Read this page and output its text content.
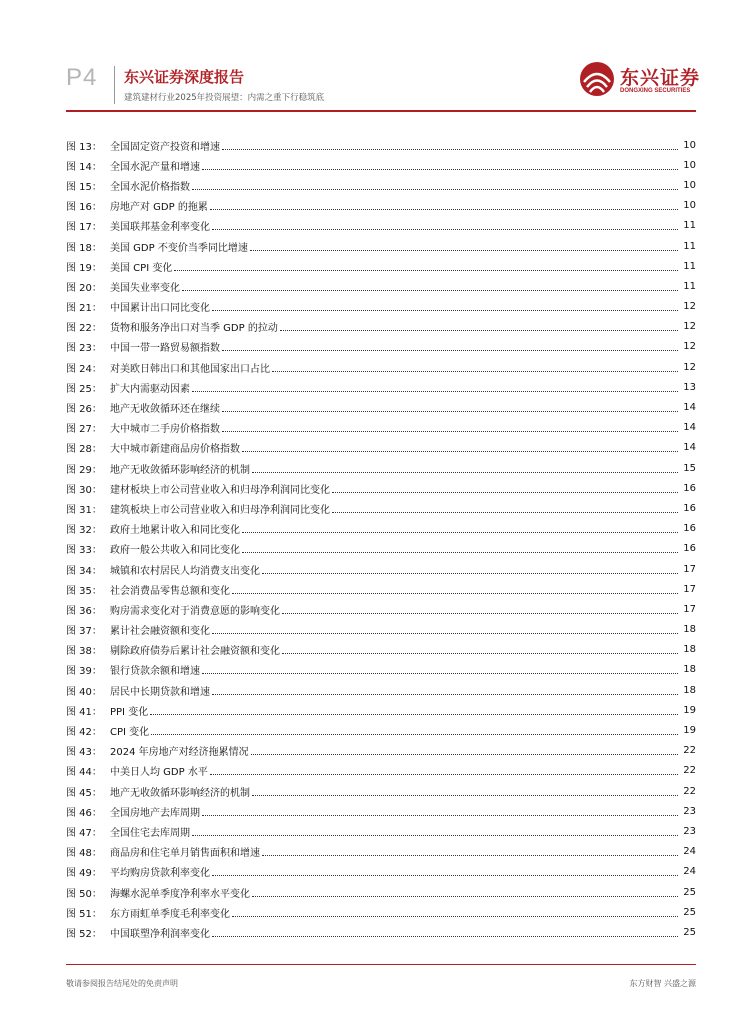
P4 东兴证券深度报告
建筑建材行业2025年投资展望：内需之重下行稳筑底
东兴证券
DONGXING SECURITIES
图 13： 全国固定资产投资和增速	10
图 14： 全国水泥产量和增速	10
图 15： 全国水泥价格指数	10
图 16： 房地产对 GDP 的拖累	10
图 17： 美国联邦基金利率变化	11
图 18： 美国 GDP 不变价当季同比增速	11
图 19： 美国 CPI 变化	11
图 20： 美国失业率变化	11
图 21： 中国累计出口同比变化	12
图 22： 货物和服务净出口对当季 GDP 的拉动	12
图 23： 中国一带一路贸易额指数	12
图 24： 对美欧日韩出口和其他国家出口占比	12
图 25： 扩大内需驱动因素	13
图 26： 地产无收敛循环还在继续	14
图 27： 大中城市二手房价格指数	14
图 28： 大中城市新建商品房价格指数	14
图 29： 地产无收敛循环影响经济的机制	15
图 30： 建材板块上市公司营业收入和归母净利润同比变化	16
图 31： 建筑板块上市公司营业收入和归母净利润同比变化	16
图 32： 政府土地累计收入和同比变化	16
图 33： 政府一般公共收入和同比变化	16
图 34： 城镇和农村居民人均消费支出变化	17
图 35： 社会消费品零售总额和变化	17
图 36： 购房需求变化对于消费意愿的影响变化	17
图 37： 累计社会融资额和变化	18
图 38： 剔除政府债券后累计社会融资额和变化	18
图 39： 银行贷款余额和增速	18
图 40： 居民中长期贷款和增速	18
图 41： PPI 变化	19
图 42： CPI 变化	19
图 43： 2024 年房地产对经济拖累情况	22
图 44： 中美日人均 GDP 水平	22
图 45： 地产无收敛循环影响经济的机制	22
图 46： 全国房地产去库周期	23
图 47： 全国住宅去库周期	23
图 48： 商品房和住宅单月销售面积和增速	24
图 49： 平均购房贷款利率变化	24
图 50： 海螺水泥单季度净利率水平变化	25
图 51： 东方雨虹单季度毛利率变化	25
图 52： 中国联塑净利润率变化	25
敬请参阅报告结尾处的免责声明	东方财智 兴盛之源
